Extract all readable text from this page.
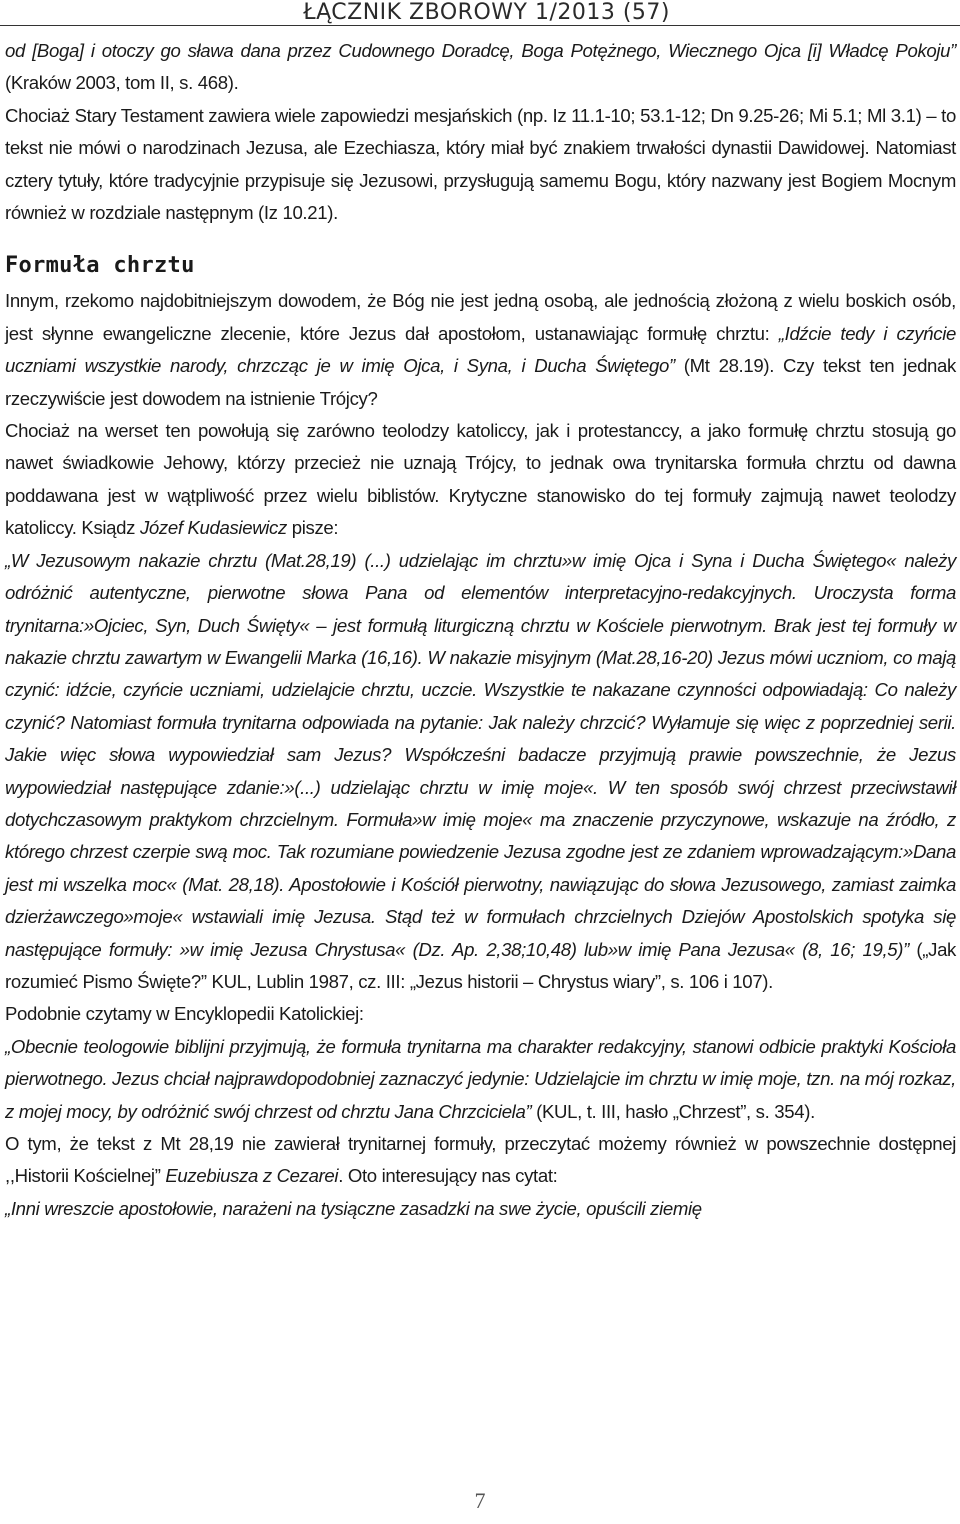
ŁĄCZNIK ZBOROWY 1/2013 (57)

od [Boga] i otoczy go sława dana przez Cudownego Doradcę, Boga Potężnego, Wiecznego Ojca [i] Władcę Pokoju” (Kraków 2003, tom II, s. 468).

Chociaż Stary Testament zawiera wiele zapowiedzi mesjańskich (np. Iz 11.1-10; 53.1-12; Dn 9.25-26; Mi 5.1; Ml 3.1) – to tekst nie mówi o narodzinach Jezusa, ale Ezechiasza, który miał być znakiem trwałości dynastii Dawidowej. Natomiast cztery tytuły, które tradycyjnie przypisuje się Jezusowi, przysługują samemu Bogu, który nazwany jest Bogiem Mocnym również w rozdziale następnym (Iz 10.21).

Formuła chrztu

Innym, rzekomo najdobitniejszym dowodem, że Bóg nie jest jedną osobą, ale jednością złożoną z wielu boskich osób, jest słynne ewangeliczne zlecenie, które Jezus dał apostołom, ustanawiając formułę chrztu: „Idźcie tedy i czyńcie uczniami wszystkie narody, chrzcząc je w imię Ojca, i Syna, i Ducha Świętego” (Mt 28.19). Czy tekst ten jednak rzeczywiście jest dowodem na istnienie Trójcy?

Chociaż na werset ten powołują się zarówno teolodzy katoliccy, jak i protestanccy, a jako formułę chrztu stosują go nawet świadkowie Jehowy, którzy przecież nie uznają Trójcy, to jednak owa trynitarska formuła chrztu od dawna poddawana jest w wątpliwość przez wielu biblistów. Krytyczne stanowisko do tej formuły zajmują nawet teolodzy katoliccy. Ksiądz Józef Kudasiewicz pisze:

„W Jezusowym nakazie chrztu (Mat.28,19) (...) udzielając im chrztu»w imię Ojca i Syna i Ducha Świętego« należy odróżnić autentyczne, pierwotne słowa Pana od elementów interpretacyjno-redakcyjnych. Uroczysta forma trynitarna:»Ojciec, Syn, Duch Święty« – jest formułą liturgiczną chrztu w Kościele pierwotnym. Brak jest tej formuły w nakazie chrztu zawartym w Ewangelii Marka (16,16). W nakazie misyjnym (Mat.28,16-20) Jezus mówi uczniom, co mają czynić: idźcie, czyńcie uczniami, udzielajcie chrztu, uczcie. Wszystkie te nakazane czynności odpowiadają: Co należy czynić? Natomiast formuła trynitarna odpowiada na pytanie: Jak należy chrzcić? Wyłamuje się więc z poprzedniej serii. Jakie więc słowa wypowiedział sam Jezus? Współcześni badacze przyjmują prawie powszechnie, że Jezus wypowiedział następujące zdanie:»(...) udzielając chrztu w imię moje«. W ten sposób swój chrzest przeciwstawił dotychczasowym praktykom chrzcielnym. Formuła»w imię moje« ma znaczenie przyczynowe, wskazuje na źródło, z którego chrzest czerpie swą moc. Tak rozumiane powiedzenie Jezusa zgodne jest ze zdaniem wprowadzającym:»Dana jest mi wszelka moc« (Mat. 28,18). Apostołowie i Kościół pierwotny, nawiązując do słowa Jezusowego, zamiast zaimka dzierżawczego»moje« wstawiali imię Jezusa. Stąd też w formułach chrzcielnych Dziejów Apostolskich spotyka się następujące formuły: »w imię Jezusa Chrystusa« (Dz. Ap. 2,38;10,48) lub»w imię Pana Jezusa« (8, 16; 19,5)” („Jak rozumieć Pismo Święte?” KUL, Lublin 1987, cz. III: „Jezus historii – Chrystus wiary”, s. 106 i 107).

Podobnie czytamy w Encyklopedii Katolickiej:

„Obecnie teologowie biblijni przyjmują, że formuła trynitarna ma charakter redakcyjny, stanowi odbicie praktyki Kościoła pierwotnego. Jezus chciał najprawdopodobniej zaznaczyć jedynie: Udzielajcie im chrztu w imię moje, tzn. na mój rozkaz, z mojej mocy, by odróżnić swój chrzest od chrztu Jana Chrzciciela” (KUL, t. III, hasło „Chrzest”, s. 354).

O tym, że tekst z Mt 28,19 nie zawierał trynitarnej formuły, przeczytać możemy również w powszechnie dostępnej ,,Historii Kościelnej” Euzebiusza z Cezarei. Oto interesujący nas cytat:

„Inni wreszcie apostołowie, narażeni na tysiączne zasadzki na swe życie, opuścili ziemię

7
